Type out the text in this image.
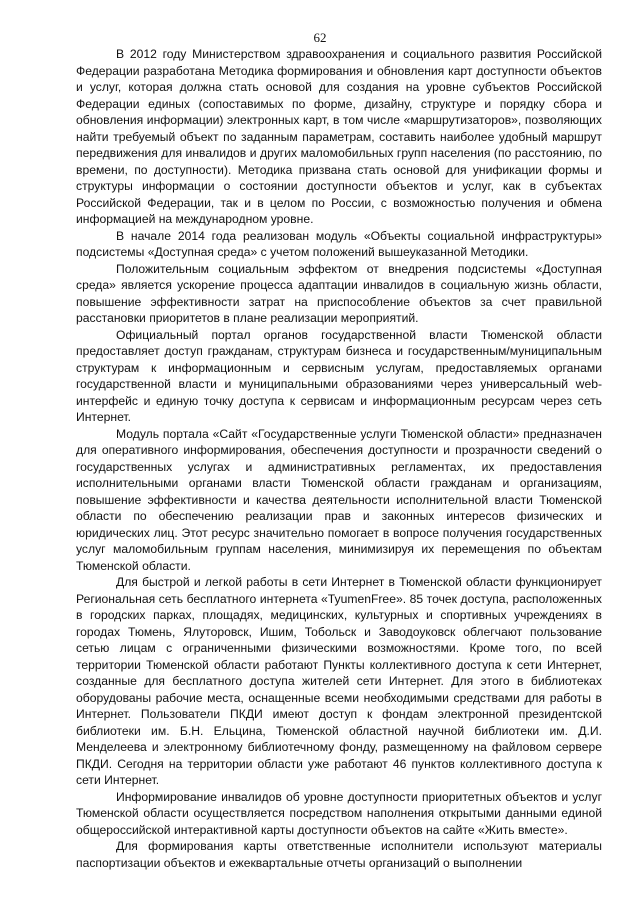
62

В 2012 году Министерством здравоохранения и социального развития Российской Федерации разработана Методика формирования и обновления карт доступности объектов и услуг, которая должна стать основой для создания на уровне субъектов Российской Федерации единых (сопоставимых по форме, дизайну, структуре и порядку сбора и обновления информации) электронных карт, в том числе «маршрутизаторов», позволяющих найти требуемый объект по заданным параметрам, составить наиболее удобный маршрут передвижения для инвалидов и других маломобильных групп населения (по расстоянию, по времени, по доступности). Методика призвана стать основой для унификации формы и структуры информации о состоянии доступности объектов и услуг, как в субъектах Российской Федерации, так и в целом по России, с возможностью получения и обмена информацией на международном уровне.

В начале 2014 года реализован модуль «Объекты социальной инфраструктуры» подсистемы «Доступная среда» с учетом положений вышеуказанной Методики.

Положительным социальным эффектом от внедрения подсистемы «Доступная среда» является ускорение процесса адаптации инвалидов в социальную жизнь области, повышение эффективности затрат на приспособление объектов за счет правильной расстановки приоритетов в плане реализации мероприятий.

Официальный портал органов государственной власти Тюменской области предоставляет доступ гражданам, структурам бизнеса и государственным/муниципальным структурам к информационным и сервисным услугам, предоставляемых органами государственной власти и муниципальными образованиями через универсальный web-интерфейс и единую точку доступа к сервисам и информационным ресурсам через сеть Интернет.

Модуль портала «Сайт «Государственные услуги Тюменской области» предназначен для оперативного информирования, обеспечения доступности и прозрачности сведений о государственных услугах и административных регламентах, их предоставления исполнительными органами власти Тюменской области гражданам и организациям, повышение эффективности и качества деятельности исполнительной власти Тюменской области по обеспечению реализации прав и законных интересов физических и юридических лиц. Этот ресурс значительно помогает в вопросе получения государственных услуг маломобильным группам населения, минимизируя их перемещения по объектам Тюменской области.

Для быстрой и легкой работы в сети Интернет в Тюменской области функционирует Региональная сеть бесплатного интернета «TyumenFree». 85 точек доступа, расположенных в городских парках, площадях, медицинских, культурных и спортивных учреждениях в городах Тюмень, Ялуторовск, Ишим, Тобольск и Заводоуковск облегчают пользование сетью лицам с ограниченными физическими возможностями. Кроме того, по всей территории Тюменской области работают Пункты коллективного доступа к сети Интернет, созданные для бесплатного доступа жителей сети Интернет. Для этого в библиотеках оборудованы рабочие места, оснащенные всеми необходимыми средствами для работы в Интернет. Пользователи ПКДИ имеют доступ к фондам электронной президентской библиотеки им. Б.Н. Ельцина, Тюменской областной научной библиотеки им. Д.И. Менделеева и электронному библиотечному фонду, размещенному на файловом сервере ПКДИ. Сегодня на территории области уже работают 46 пунктов коллективного доступа к сети Интернет.

Информирование инвалидов об уровне доступности приоритетных объектов и услуг Тюменской области осуществляется посредством наполнения открытыми данными единой общероссийской интерактивной карты доступности объектов на сайте «Жить вместе».

Для формирования карты ответственные исполнители используют материалы паспортизации объектов и ежеквартальные отчеты организаций о выполнении
